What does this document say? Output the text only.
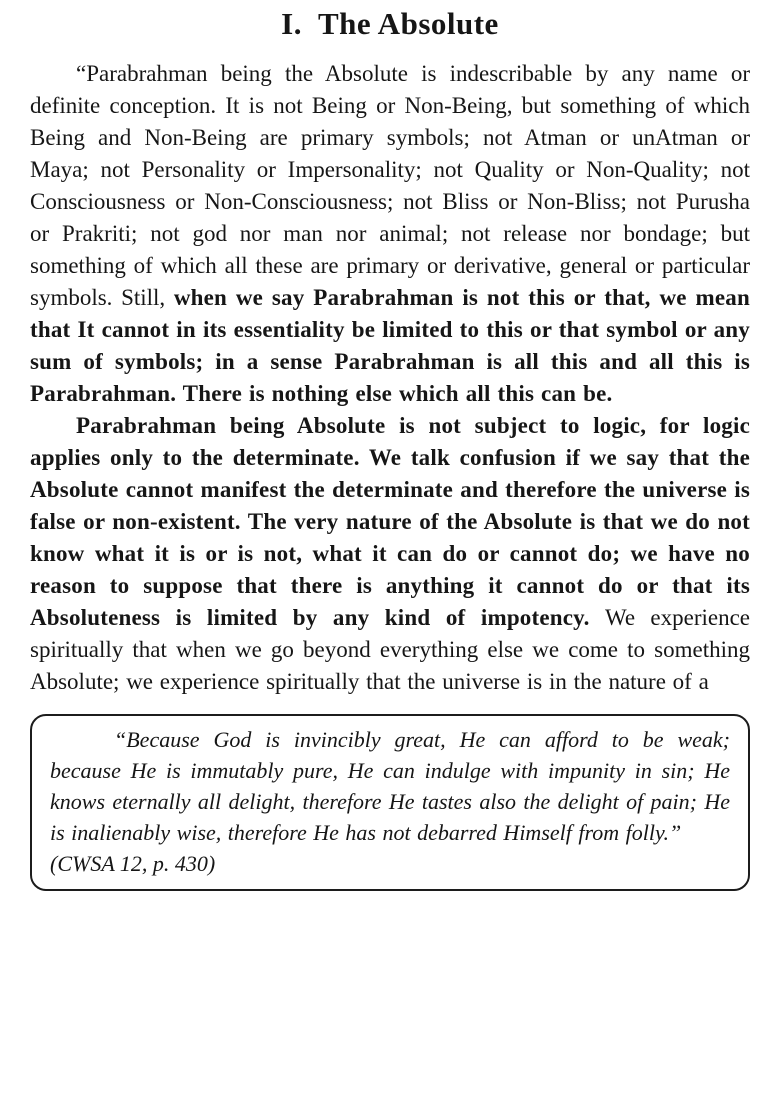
I. The Absolute

“Parabrahman being the Absolute is indescribable by any name or definite conception. It is not Being or Non-Being, but something of which Being and Non-Being are primary symbols; not Atman or unAtman or Maya; not Personality or Impersonality; not Quality or Non-Quality; not Consciousness or Non-Consciousness; not Bliss or Non-Bliss; not Purusha or Prakriti; not god nor man nor animal; not release nor bondage; but something of which all these are primary or derivative, general or particular symbols. Still, when we say Parabrahman is not this or that, we mean that It cannot in its essentiality be limited to this or that symbol or any sum of symbols; in a sense Parabrahman is all this and all this is Parabrahman. There is nothing else which all this can be.

Parabrahman being Absolute is not subject to logic, for logic applies only to the determinate. We talk confusion if we say that the Absolute cannot manifest the determinate and therefore the universe is false or non-existent. The very nature of the Absolute is that we do not know what it is or is not, what it can do or cannot do; we have no reason to suppose that there is anything it cannot do or that its Absoluteness is limited by any kind of impotency. We experience spiritually that when we go beyond everything else we come to something Absolute; we experience spiritually that the universe is in the nature of a

“Because God is invincibly great, He can afford to be weak; because He is immutably pure, He can indulge with impunity in sin; He knows eternally all delight, therefore He tastes also the delight of pain; He is inalienably wise, therefore He has not debarred Himself from folly.”

(CWSA 12, p. 430)
